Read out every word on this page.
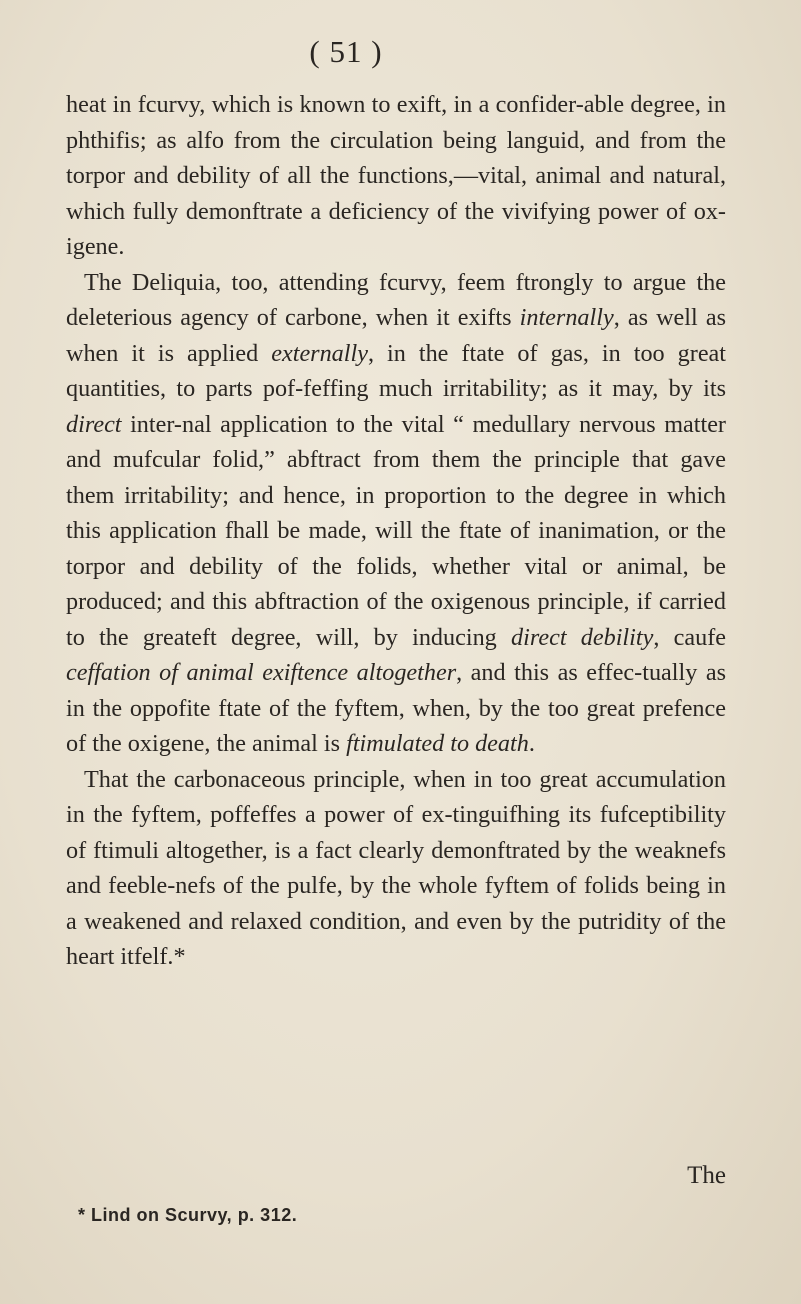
( 51 )

heat in fcurvy, which is known to exift, in a confider-able degree, in phthifis; as alfo from the circulation being languid, and from the torpor and debility of all the functions,—vital, animal and natural, which fully demonftrate a deficiency of the vivifying power of ox-igene.

The Deliquia, too, attending fcurvy, feem ftrongly to argue the deleterious agency of carbone, when it exifts internally, as well as when it is applied externally, in the ftate of gas, in too great quantities, to parts pof-feffing much irritability; as it may, by its direct inter-nal application to the vital “ medullary nervous matter and mufcular folid,” abftract from them the principle that gave them irritability; and hence, in proportion to the degree in which this application fhall be made, will the ftate of inanimation, or the torpor and debility of the folids, whether vital or animal, be produced; and this abftraction of the oxigenous principle, if carried to the greateft degree, will, by inducing direct debility, caufe ceffation of animal exiftence altogether, and this as effec-tually as in the oppofite ftate of the fyftem, when, by the too great prefence of the oxigene, the animal is ftimulated to death.

That the carbonaceous principle, when in too great accumulation in the fyftem, poffeffes a power of ex-tinguifhing its fufceptibility of ftimuli altogether, is a fact clearly demonftrated by the weaknefs and feeble-nefs of the pulfe, by the whole fyftem of folids being in a weakened and relaxed condition, and even by the putridity of the heart itfelf.*

The
* Lind on Scurvy, p. 312.
